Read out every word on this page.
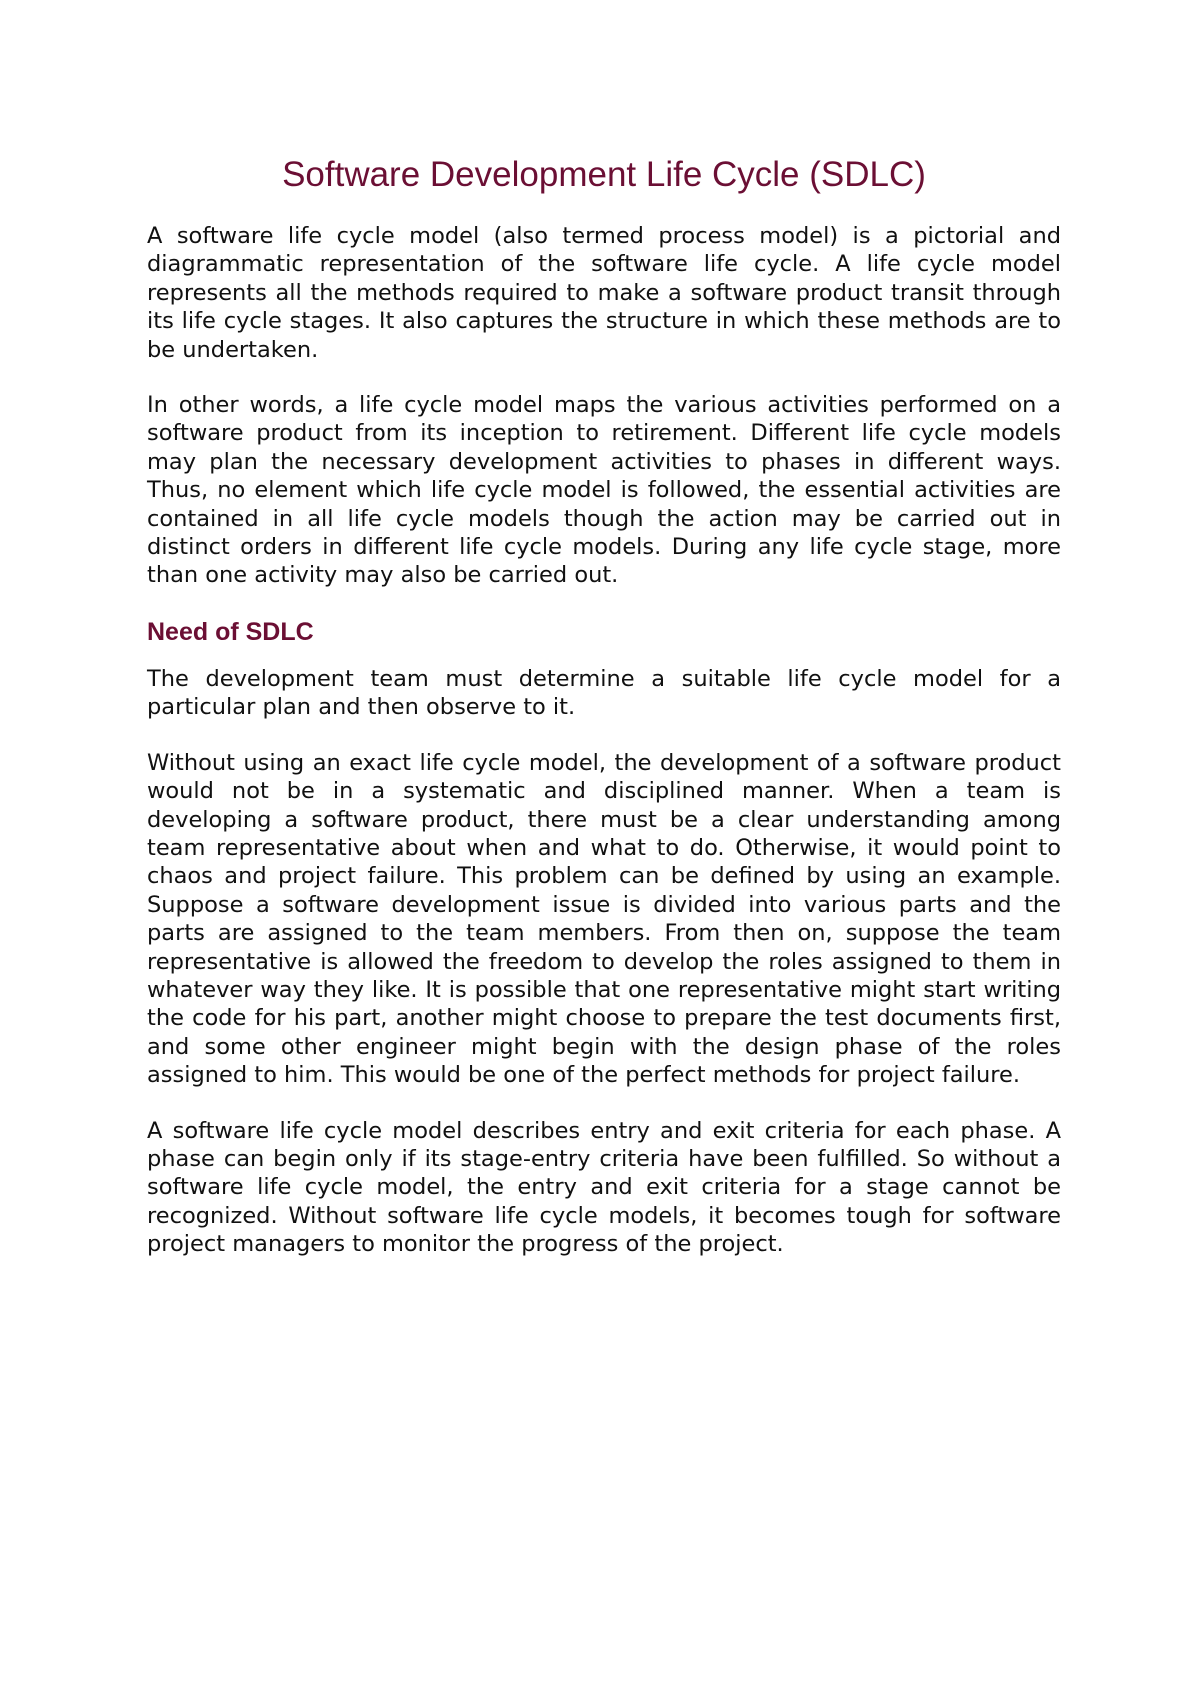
Software Development Life Cycle (SDLC)

A software life cycle model (also termed process model) is a pictorial and diagrammatic representation of the software life cycle. A life cycle model represents all the methods required to make a software product transit through its life cycle stages. It also captures the structure in which these methods are to be undertaken.

In other words, a life cycle model maps the various activities performed on a software product from its inception to retirement. Different life cycle models may plan the necessary development activities to phases in different ways. Thus, no element which life cycle model is followed, the essential activities are contained in all life cycle models though the action may be carried out in distinct orders in different life cycle models. During any life cycle stage, more than one activity may also be carried out.

Need of SDLC

The development team must determine a suitable life cycle model for a particular plan and then observe to it.

Without using an exact life cycle model, the development of a software product would not be in a systematic and disciplined manner. When a team is developing a software product, there must be a clear understanding among team representative about when and what to do. Otherwise, it would point to chaos and project failure. This problem can be defined by using an example. Suppose a software development issue is divided into various parts and the parts are assigned to the team members. From then on, suppose the team representative is allowed the freedom to develop the roles assigned to them in whatever way they like. It is possible that one representative might start writing the code for his part, another might choose to prepare the test documents first, and some other engineer might begin with the design phase of the roles assigned to him. This would be one of the perfect methods for project failure.

A software life cycle model describes entry and exit criteria for each phase. A phase can begin only if its stage-entry criteria have been fulfilled. So without a software life cycle model, the entry and exit criteria for a stage cannot be recognized. Without software life cycle models, it becomes tough for software project managers to monitor the progress of the project.
